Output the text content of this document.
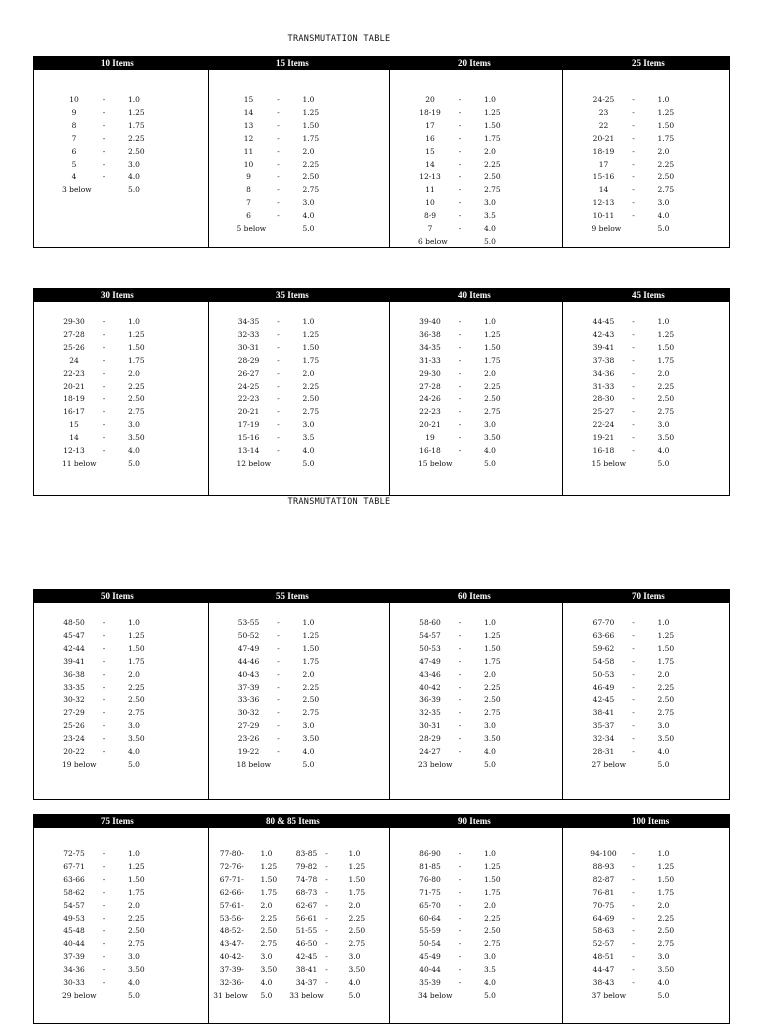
TRANSMUTATION TABLE
TRANSMUTATION TABLE
10 Items	15 Items	20 Items	25 Items
10	-	1.0
9	-	1.25
8	-	1.75
7	-	2.25
6	-	2.50
5	-	3.0
4	-	4.0
3 below	5.0
15	-	1.0
14	-	1.25
13	-	1.50
12	-	1.75
11	-	2.0
10	-	2.25
9	-	2.50
8	-	2.75
7	-	3.0
6	-	4.0
5 below	5.0
20	-	1.0
18-19	-	1.25
17	-	1.50
16	-	1.75
15	-	2.0
14	-	2.25
12-13	-	2.50
11	-	2.75
10	-	3.0
8-9	-	3.5
7	-	4.0
6 below	5.0
24-25	-	1.0
23	-	1.25
22	-	1.50
20-21	-	1.75
18-19	-	2.0
17	-	2.25
15-16	-	2.50
14	-	2.75
12-13	-	3.0
10-11	-	4.0
9 below	5.0
30 Items	35 Items	40 Items	45 Items
29-30	-	1.0
27-28	-	1.25
25-26	-	1.50
24	-	1.75
22-23	-	2.0
20-21	-	2.25
18-19	-	2.50
16-17	-	2.75
15	-	3.0
14	-	3.50
12-13	-	4.0
11 below	5.0
34-35	-	1.0
32-33	-	1.25
30-31	-	1.50
28-29	-	1.75
26-27	-	2.0
24-25	-	2.25
22-23	-	2.50
20-21	-	2.75
17-19	-	3.0
15-16	-	3.5
13-14	-	4.0
12 below	5.0
39-40	-	1.0
36-38	-	1.25
34-35	-	1.50
31-33	-	1.75
29-30	-	2.0
27-28	-	2.25
24-26	-	2.50
22-23	-	2.75
20-21	-	3.0
19	-	3.50
16-18	-	4.0
15 below	5.0
44-45	-	1.0
42-43	-	1.25
39-41	-	1.50
37-38	-	1.75
34-36	-	2.0
31-33	-	2.25
28-30	-	2.50
25-27	-	2.75
22-24	-	3.0
19-21	-	3.50
16-18	-	4.0
15 below	5.0
50 Items	55 Items	60 Items	70 Items
48-50	-	1.0
45-47	-	1.25
42-44	-	1.50
39-41	-	1.75
36-38	-	2.0
33-35	-	2.25
30-32	-	2.50
27-29	-	2.75
25-26	-	3.0
23-24	-	3.50
20-22	-	4.0
19 below	5.0
53-55	-	1.0
50-52	-	1.25
47-49	-	1.50
44-46	-	1.75
40-43	-	2.0
37-39	-	2.25
33-36	-	2.50
30-32	-	2.75
27-29	-	3.0
23-26	-	3.50
19-22	-	4.0
18 below	5.0
58-60	-	1.0
54-57	-	1.25
50-53	-	1.50
47-49	-	1.75
43-46	-	2.0
40-42	-	2.25
36-39	-	2.50
32-35	-	2.75
30-31	-	3.0
28-29	-	3.50
24-27	-	4.0
23 below	5.0
67-70	-	1.0
63-66	-	1.25
59-62	-	1.50
54-58	-	1.75
50-53	-	2.0
46-49	-	2.25
42-45	-	2.50
38-41	-	2.75
35-37	-	3.0
32-34	-	3.50
28-31	-	4.0
27 below	5.0
75 Items	80 & 85 Items	90 Items	100 Items
72-75	-	1.0
67-71	-	1.25
63-66	-	1.50
58-62	-	1.75
54-57	-	2.0
49-53	-	2.25
45-48	-	2.50
40-44	-	2.75
37-39	-	3.0
34-36	-	3.50
30-33	-	4.0
29 below	5.0
77-80 -	1.0	83-85	-	1.0
72-76 -	1.25	79-82	-	1.25
67-71 -	1.50	74-78	-	1.50
62-66 -	1.75	68-73	-	1.75
57-61 -	2.0	62-67	-	2.0
53-56 -	2.25	56-61	-	2.25
48-52 -	2.50	51-55	-	2.50
43-47 -	2.75	46-50	-	2.75
40-42 -	3.0	42-45	-	3.0
37-39 -	3.50	38-41	-	3.50
32-36 -	4.0	34-37	-	4.0
31 below	5.0	33 below	5.0
86-90	-	1.0
81-85	-	1.25
76-80	-	1.50
71-75	-	1.75
65-70	-	2.0
60-64	-	2.25
55-59	-	2.50
50-54	-	2.75
45-49	-	3.0
40-44	-	3.5
35-39	-	4.0
34 below	5.0
94-100	-	1.0
88-93	-	1.25
82-87	-	1.50
76-81	-	1.75
70-75	-	2.0
64-69	-	2.25
58-63	-	2.50
52-57	-	2.75
48-51	-	3.0
44-47	-	3.50
38-43	-	4.0
37 below	5.0
